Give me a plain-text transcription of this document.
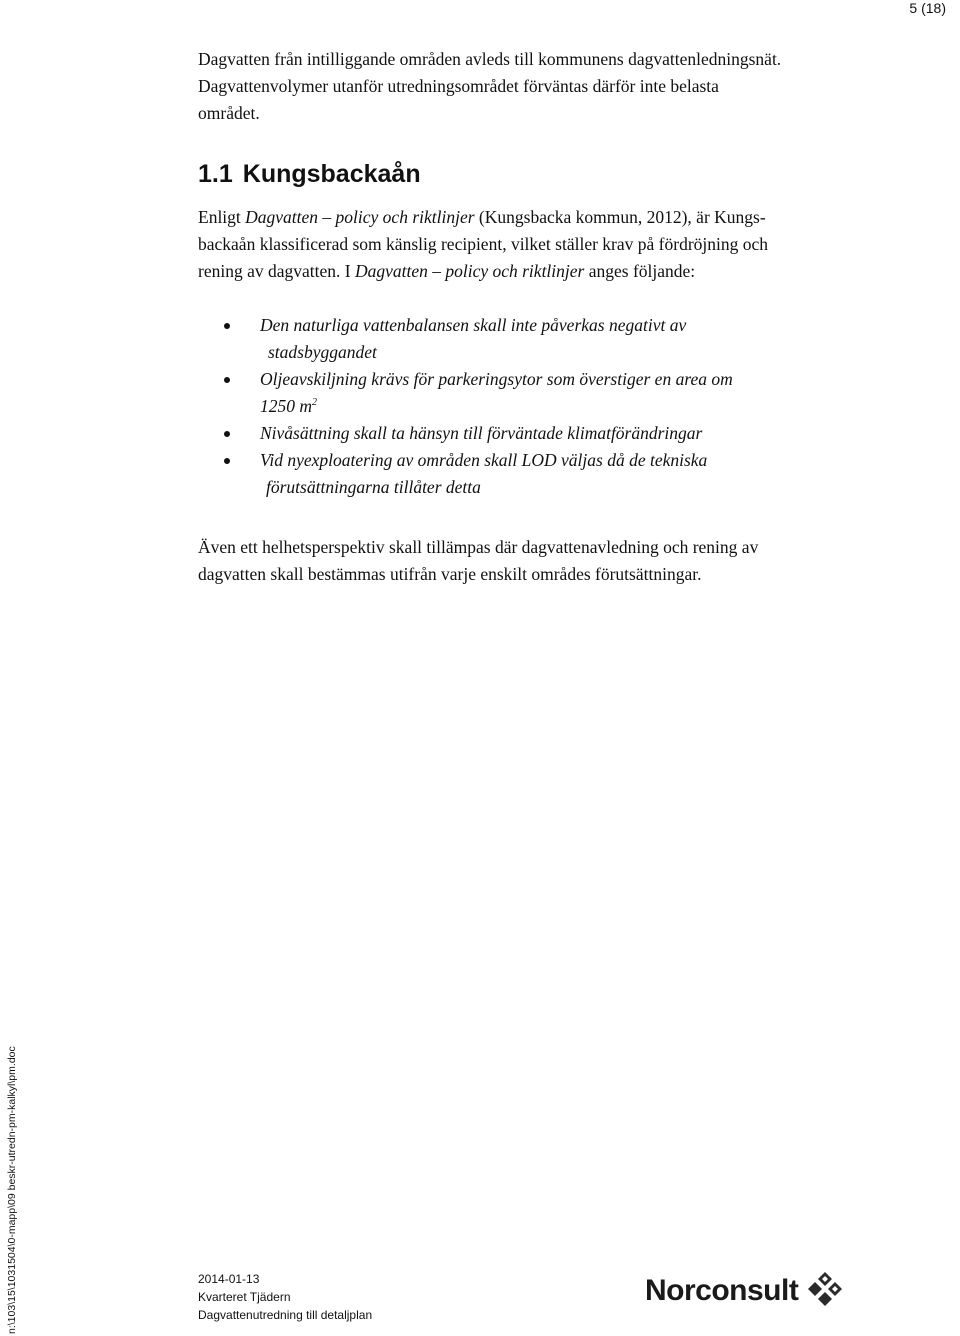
5 (18)

Dagvatten från intilliggande områden avleds till kommunens dagvattenledningsnät.
Dagvattenvolymer utanför utredningsområdet förväntas därför inte belasta
området.

1.1 Kungsbackaån

Enligt Dagvatten – policy och riktlinjer (Kungsbacka kommun, 2012), är Kungs-
backaån klassificerad som känslig recipient, vilket ställer krav på fördröjning och
rening av dagvatten. I Dagvatten – policy och riktlinjer anges följande:

Den naturliga vattenbalansen skall inte påverkas negativt av
stadsbyggandet
Oljeavskiljning krävs för parkeringsytor som överstiger en area om
1250 $m^2$
Nivåsättning skall ta hänsyn till förväntade klimatförändringar
Vid nyexploatering av områden skall LOD väljas då de tekniska
förutsättningarna tillåter detta

Även ett helhetsperspektiv skall tillämpas där dagvattenavledning och rening av
dagvatten skall bestämmas utifrån varje enskilt områdes förutsättningar.

n:\103\15\1031504\0-mapp\09 beskr-utredn-pm-kalkyl\pm.doc	2014-01-13
Kvarteret Tjädern
Dagvattenutredning till detaljplan
Norconsult
